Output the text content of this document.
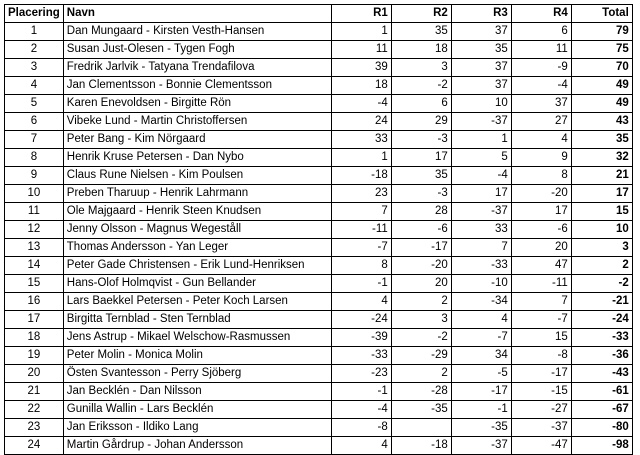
Placering	Navn	R1	R2	R3	R4	Total
1	Dan Mungaard - Kirsten Vesth-Hansen	1	35	37	6	79
2	Susan Just-Olesen - Tygen Fogh	11	18	35	11	75
3	Fredrik Jarlvik - Tatyana Trendafilova	39	3	37	-9	70
4	Jan Clementsson - Bonnie Clementsson	18	-2	37	-4	49
5	Karen Enevoldsen - Birgitte Rön	-4	6	10	37	49
6	Vibeke Lund - Martin Christoffersen	24	29	-37	27	43
7	Peter Bang - Kim Nörgaard	33	-3	1	4	35
8	Henrik Kruse Petersen - Dan Nybo	1	17	5	9	32
9	Claus Rune Nielsen - Kim Poulsen	-18	35	-4	8	21
10	Preben Tharuup - Henrik Lahrmann	23	-3	17	-20	17
11	Ole Majgaard - Henrik Steen Knudsen	7	28	-37	17	15
12	Jenny Olsson - Magnus Wegeståll	-11	-6	33	-6	10
13	Thomas Andersson - Yan Leger	-7	-17	7	20	3
14	Peter Gade Christensen - Erik Lund-Henriksen	8	-20	-33	47	2
15	Hans-Olof Holmqvist - Gun Bellander	-1	20	-10	-11	-2
16	Lars Baekkel Petersen - Peter Koch Larsen	4	2	-34	7	-21
17	Birgitta Ternblad - Sten Ternblad	-24	3	4	-7	-24
18	Jens Astrup - Mikael Welschow-Rasmussen	-39	-2	-7	15	-33
19	Peter Molin - Monica Molin	-33	-29	34	-8	-36
20	Östen Svantesson - Perry Sjöberg	-23	2	-5	-17	-43
21	Jan Becklén - Dan Nilsson	-1	-28	-17	-15	-61
22	Gunilla Wallin - Lars Becklén	-4	-35	-1	-27	-67
23	Jan Eriksson - Ildiko Lang	-8		-35	-37	-80
24	Martin Gårdrup - Johan Andersson	4	-18	-37	-47	-98
